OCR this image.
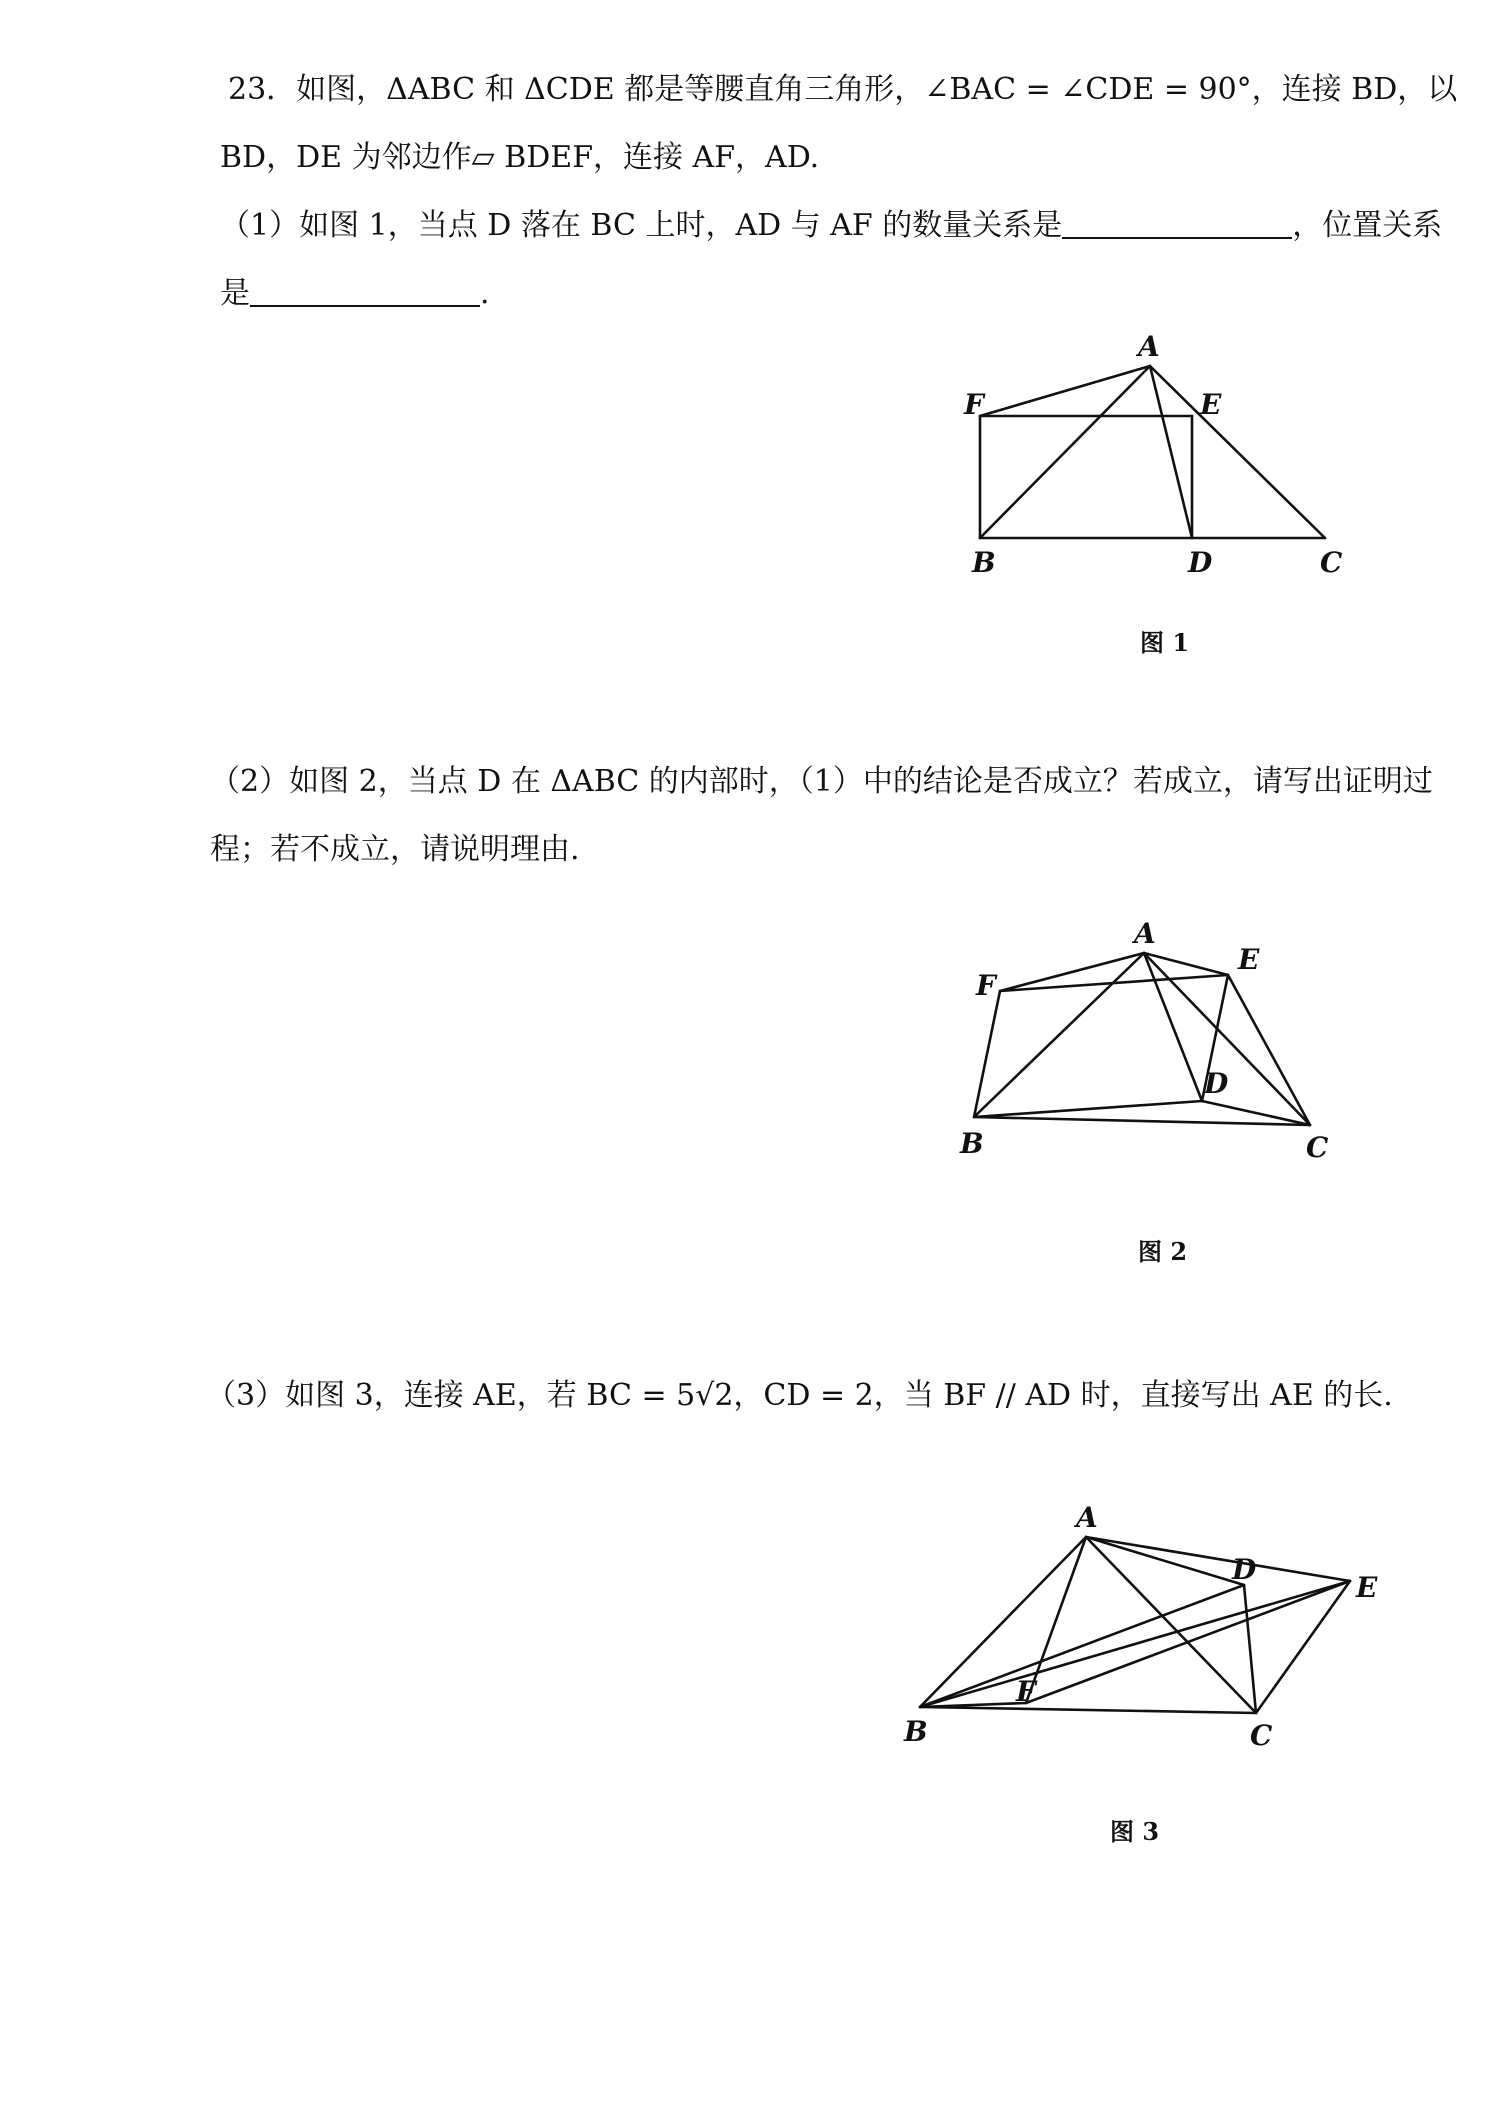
23．如图，ΔABC 和 ΔCDE 都是等腰直角三角形，∠BAC = ∠CDE = 90°，连接 BD，以
BD，DE 为邻边作▱ BDEF，连接 AF，AD.
（1）如图 1，当点 D 落在 BC 上时，AD 与 AF 的数量关系是	，位置关系
是	.
A
F	E
B	D	C
图 1
（2）如图 2，当点 D 在 ΔABC 的内部时，（1）中的结论是否成立？若成立，请写出证明过
程；若不成立，请说明理由.
A
F
E
D
B	C
图 2
（3）如图 3，连接 AE，若 BC = 5√2，CD = 2，当 BF // AD 时，直接写出 AE 的长.
A
D
E
B
F
C
图 3
